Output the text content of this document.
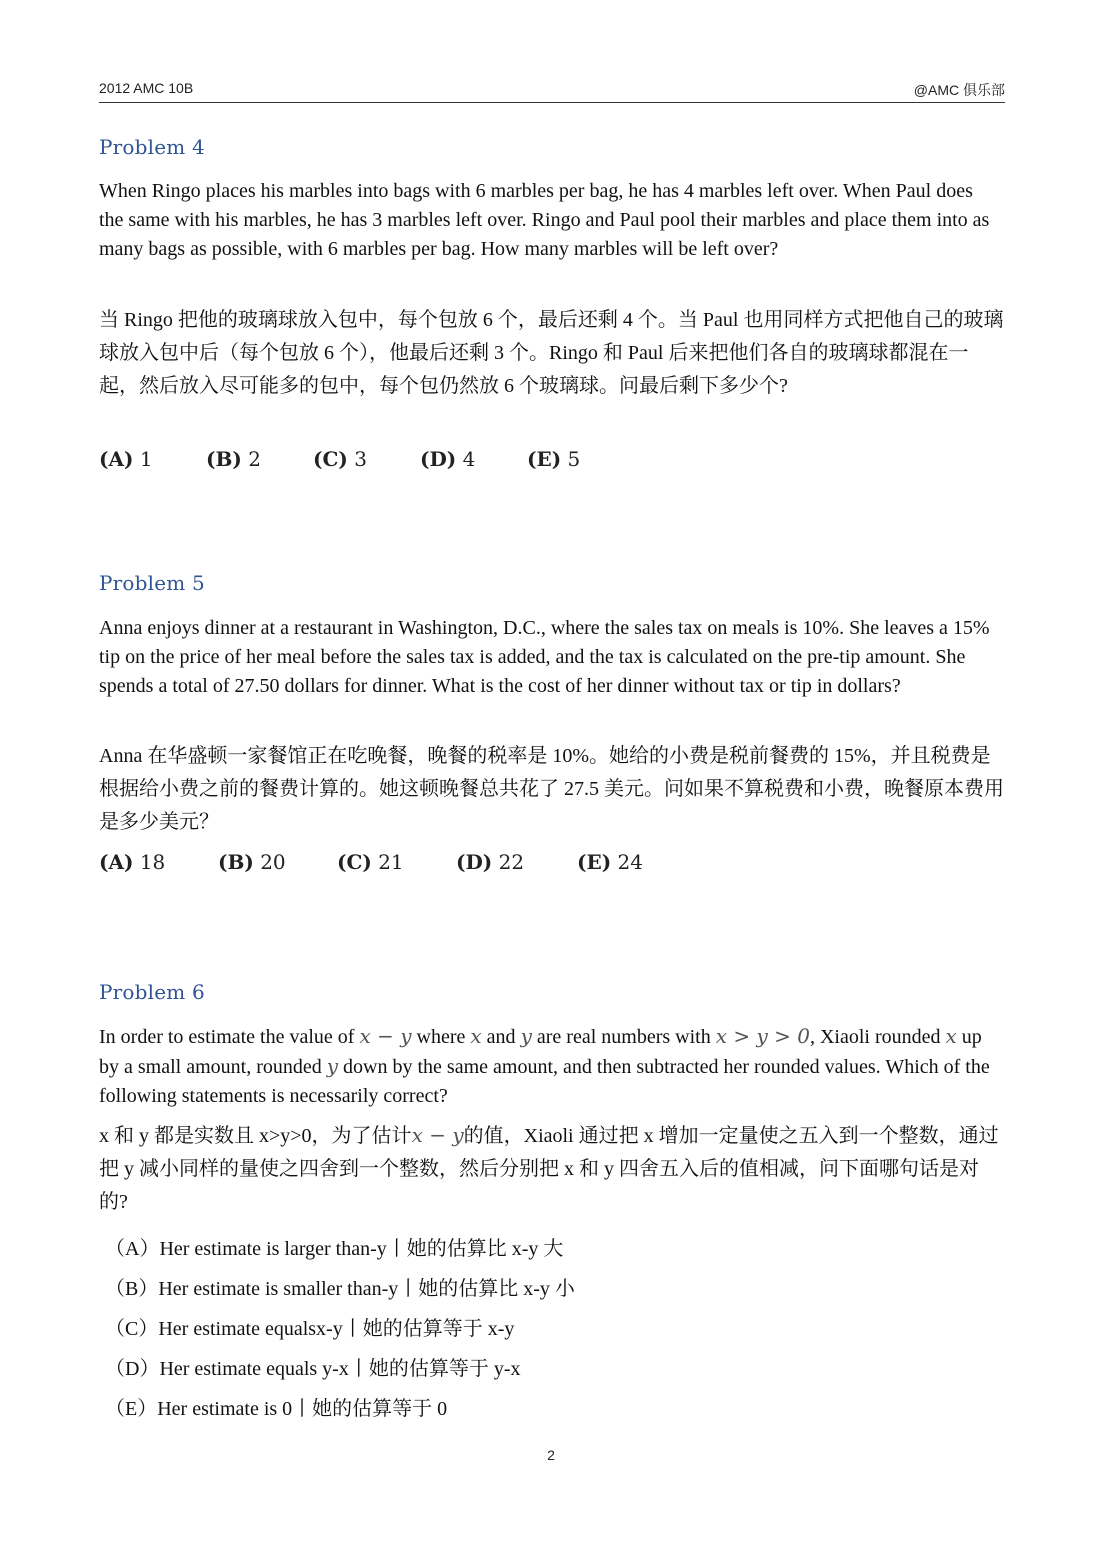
2012 AMC 10B	@AMC 俱乐部
Problem 4
When Ringo places his marbles into bags with 6 marbles per bag, he has 4 marbles left over. When Paul does the same with his marbles, he has 3 marbles left over. Ringo and Paul pool their marbles and place them into as many bags as possible, with 6 marbles per bag. How many marbles will be left over?
当 Ringo 把他的玻璃球放入包中，每个包放 6 个，最后还剩 4 个。当 Paul 也用同样方式把他自己的玻璃球放入包中后（每个包放 6 个），他最后还剩 3 个。Ringo 和 Paul 后来把他们各自的玻璃球都混在一起，然后放入尽可能多的包中，每个包仍然放 6 个玻璃球。问最后剩下多少个?
(A) 1	(B) 2	(C) 3	(D) 4	(E) 5
Problem 5
Anna enjoys dinner at a restaurant in Washington, D.C., where the sales tax on meals is 10%. She leaves a 15% tip on the price of her meal before the sales tax is added, and the tax is calculated on the pre-tip amount. She spends a total of 27.50 dollars for dinner. What is the cost of her dinner without tax or tip in dollars?
Anna 在华盛顿一家餐馆正在吃晚餐，晚餐的税率是 10%。她给的小费是税前餐费的 15%，并且税费是根据给小费之前的餐费计算的。她这顿晚餐总共花了 27.5 美元。问如果不算税费和小费，晚餐原本费用是多少美元？
(A) 18	(B) 20	(C) 21	(D) 22	(E) 24
Problem 6
In order to estimate the value of x − y where x and y are real numbers with x > y > 0, Xiaoli rounded x up by a small amount, rounded y down by the same amount, and then subtracted her rounded values. Which of the following statements is necessarily correct?
x 和 y 都是实数且 x>y>0，为了估计x − y的值，Xiaoli 通过把 x 增加一定量使之五入到一个整数，通过把 y 减小同样的量使之四舍到一个整数，然后分别把 x 和 y 四舍五入后的值相减，问下面哪句话是对的?
（A）Her estimate is larger than-y丨她的估算比 x-y 大
（B）Her estimate is smaller than-y丨她的估算比 x-y 小
（C）Her estimate equalsx-y丨她的估算等于 x-y
（D）Her estimate equals y-x丨她的估算等于 y-x
（E）Her estimate is 0丨她的估算等于 0
2
